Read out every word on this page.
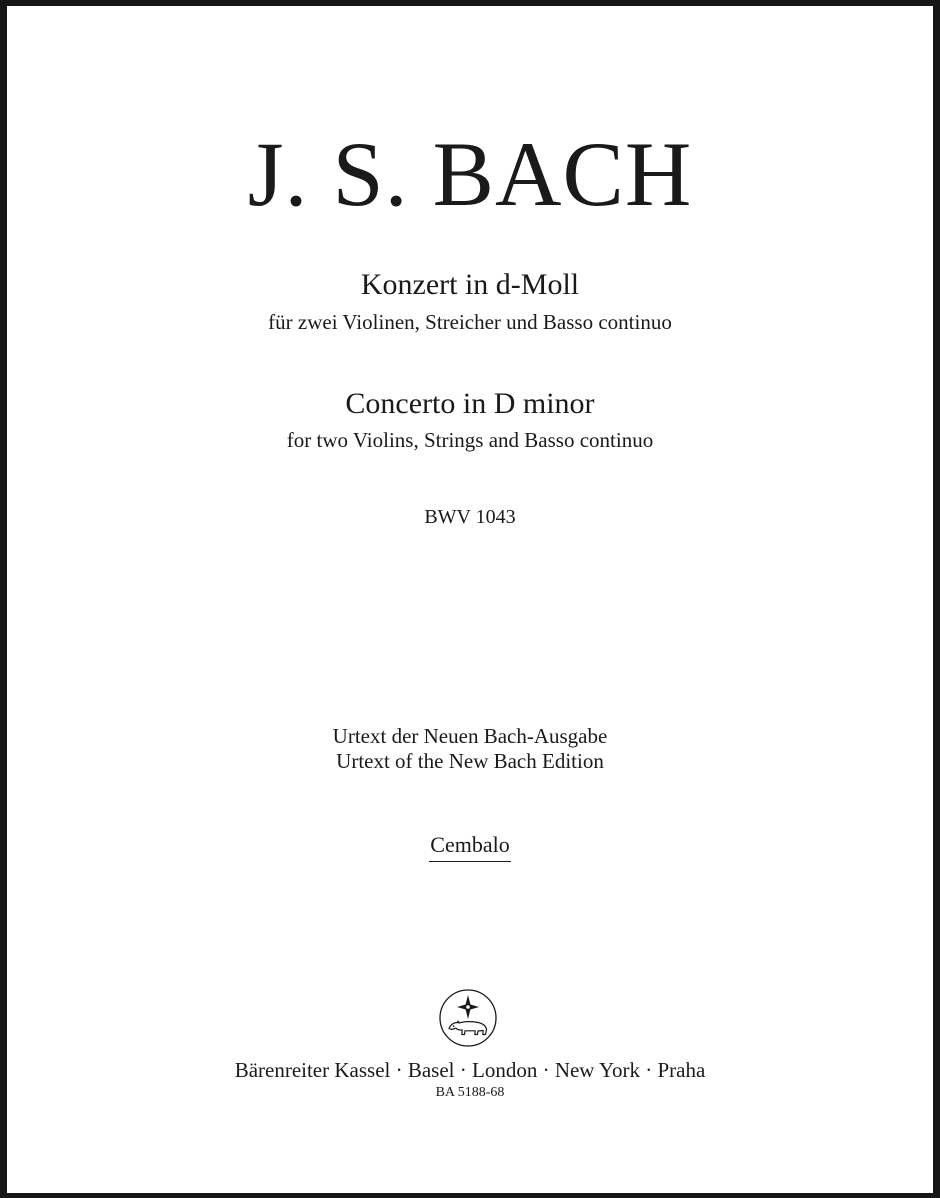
J. S. BACH
Konzert in d-Moll
für zwei Violinen, Streicher und Basso continuo
Concerto in D minor
for two Violins, Strings and Basso continuo
BWV 1043
Urtext der Neuen Bach-Ausgabe
Urtext of the New Bach Edition
Cembalo
Bärenreiter Kassel · Basel · London · New York · Praha
BA 5188-68
